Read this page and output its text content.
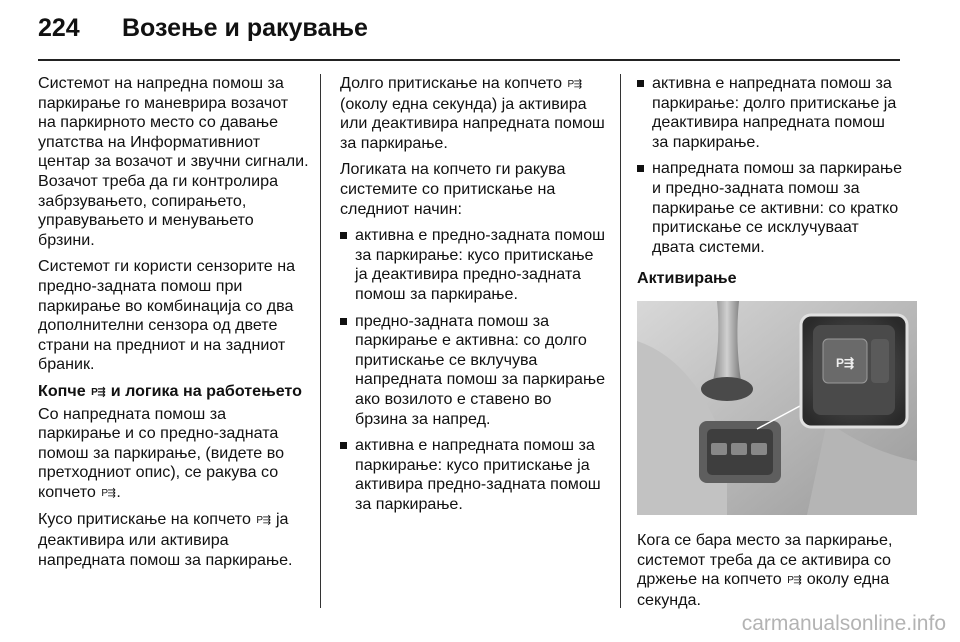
224	Возење и ракување

Системот на напредна помош за паркирање го маневрира возачот на паркирното место со давање упатства на Информативниот центар за возачот и звучни сигнали. Возачот треба да ги контролира забрзувањето, сопирањето, управувањето и менувањето брзини.

Системот ги користи сензорите на предно-задната помош при паркирање во комбинација со два дополнителни сензора од двете страни на предниот и на задниот браник.

Копче P⇶ и логика на работењето

Со напредната помош за паркирање и со предно-задната помош за паркирање, (видете во претходниот опис), се ракува со копчето P⇶.

Кусо притискање на копчето P⇶ ја деактивира или активира напредната помош за паркирање.

Долго притискање на копчето P⇶ (околу една секунда) ја активира или деактивира напредната помош за паркирање.

Логиката на копчето ги ракува системите со притискање на следниот начин:

активна е предно-задната помош за паркирање: кусо притискање ја деактивира предно-задната помош за паркирање.
предно-задната помош за паркирање е активна: со долго притискање се вклучува напредната помош за паркирање ако возилото е ставено во брзина за напред.
активна е напредната помош за паркирање: кусо притискање ја активира предно-задната помош за паркирање.
активна е напредната помош за паркирање: долго притискање ја деактивира напредната помош за паркирање.
напредната помош за паркирање и предно-задната помош за паркирање се активни: со кратко притискање се исклучуваат двата системи.

Активирање

P⇶

Кога се бара место за паркирање, системот треба да се активира со држење на копчето P⇶ околу една секунда.

carmanualsonline.info
